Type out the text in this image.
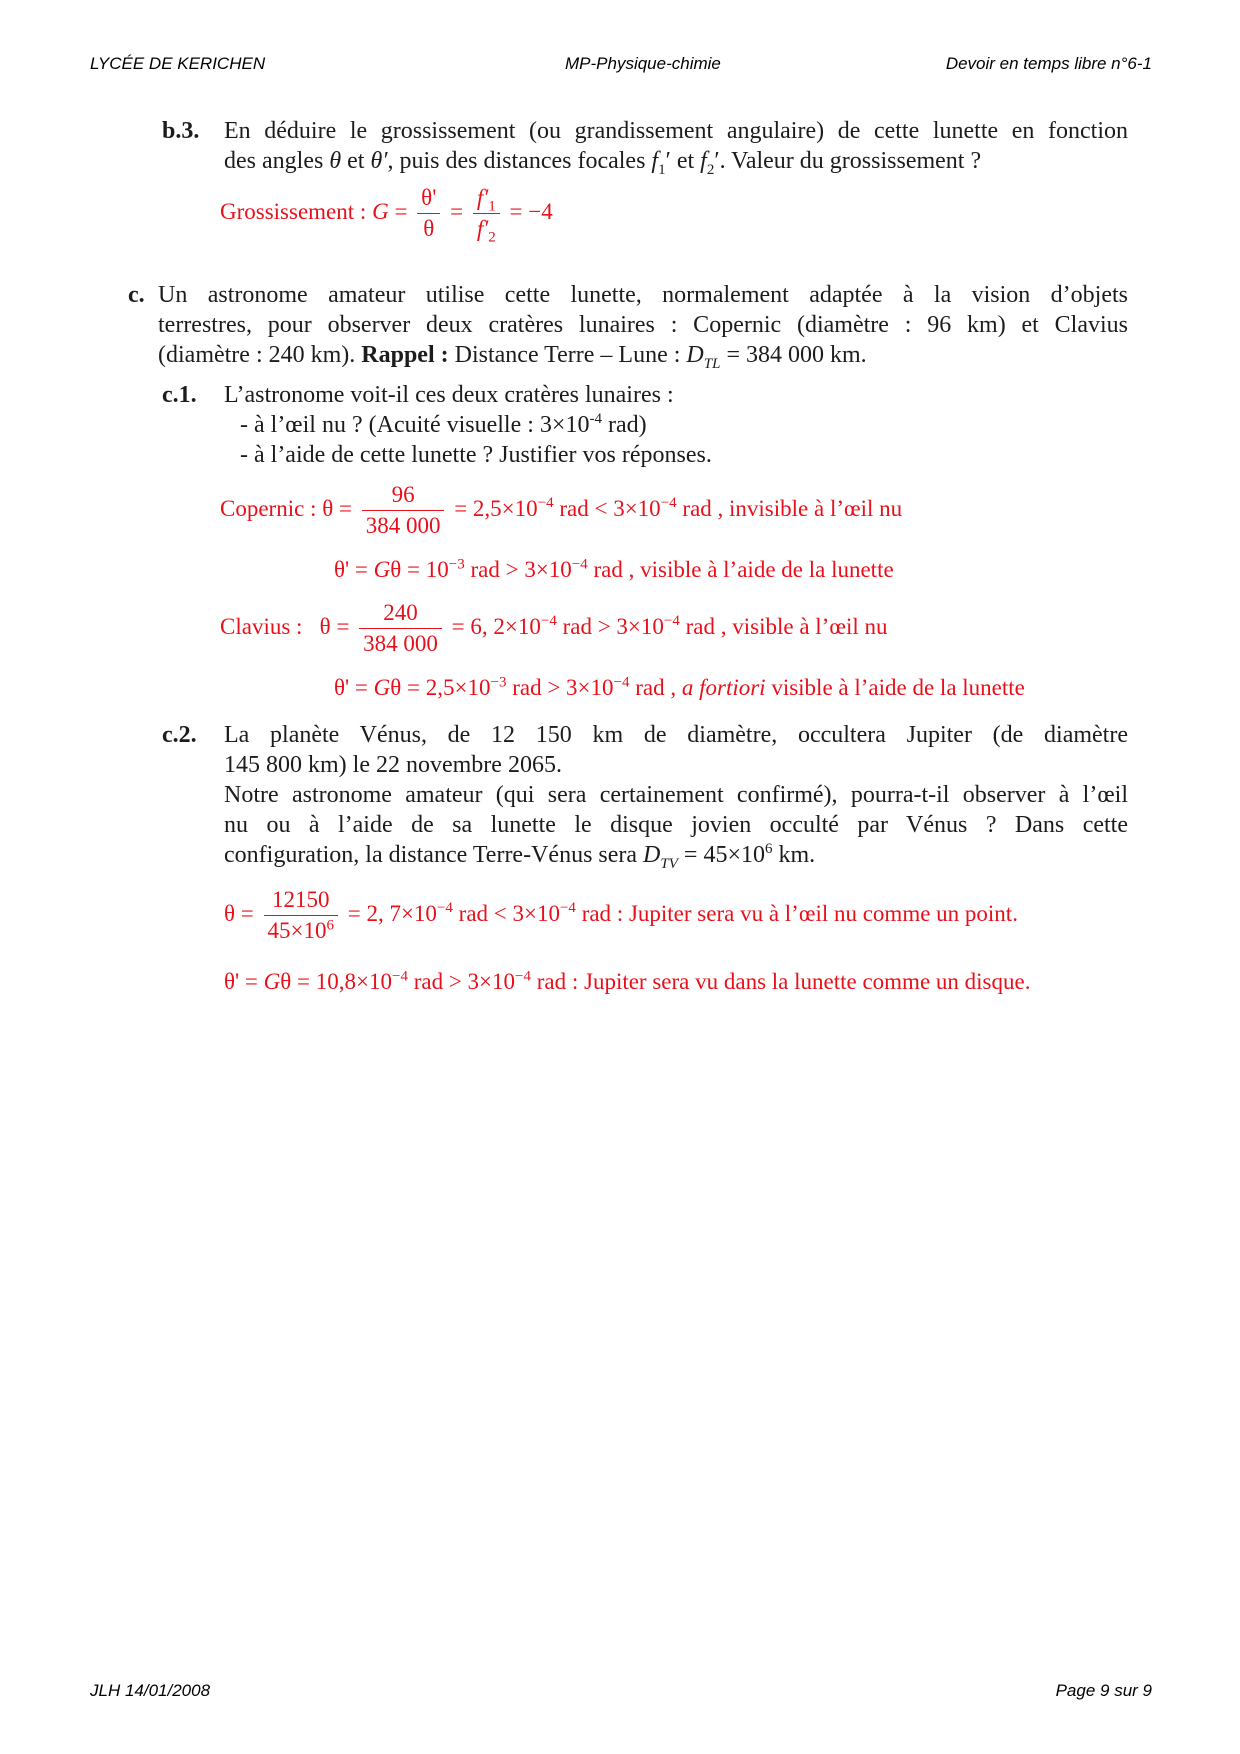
LYCÉE DE KERICHEN	MP-Physique-chimie	Devoir en temps libre n°6-1
b.3. En déduire le grossissement (ou grandissement angulaire) de cette lunette en fonction
des angles θ et θ′, puis des distances focales $f_1'$ et $f_2'$. Valeur du grossissement ?
Grossissement : $G = \frac{\theta'}{\theta} = \frac{f'_1}{f'_2} = -4$
c. Un astronome amateur utilise cette lunette, normalement adaptée à la vision d’objets
terrestres, pour observer deux cratères lunaires : Copernic (diamètre : 96 km) et Clavius
(diamètre : 240 km). Rappel : Distance Terre – Lune : $D_{TL} = 384$ 000 km.
c.1. L’astronome voit-il ces deux cratères lunaires :
- à l’œil nu ? (Acuité visuelle : $3\times 10^{-4}$ rad)
- à l’aide de cette lunette ? Justifier vos réponses.
Copernic : $\theta = \frac{96}{384 000} = 2,5\times 10^{-4}$ rad < $3\times 10^{-4}$ rad , invisible à l’œil nu
$\theta' = G\theta = 10^{-3}$ rad > $3\times 10^{-4}$ rad , visible à l’aide de la lunette
Clavius :   $\theta = \frac{240}{384 000} = 6$, $2\times 10^{-4}$ rad > $3\times 10^{-4}$ rad , visible à l’œil nu
$\theta' = G\theta = 2,5\times 10^{-3}$ rad > $3\times 10^{-4}$ rad , a fortiori visible à l’aide de la lunette
c.2. La planète Vénus, de 12 150 km de diamètre, occultera Jupiter (de diamètre
145 800 km) le 22 novembre 2065.
Notre astronome amateur (qui sera certainement confirmé), pourra-t-il observer à l’œil
nu ou à l’aide de sa lunette le disque jovien occulté par Vénus ? Dans cette
configuration, la distance Terre-Vénus sera $D_{TV} = 45\times 10^6$ km.
$\theta = \frac{12150}{45\times 10^6} = 2$, $7\times 10^{-4}$ rad < $3\times 10^{-4}$ rad : Jupiter sera vu à l’œil nu comme un point.
$\theta' = G\theta = 10,8\times 10^{-4}$ rad > $3\times 10^{-4}$ rad : Jupiter sera vu dans la lunette comme un disque.
JLH 14/01/2008	Page 9 sur 9
